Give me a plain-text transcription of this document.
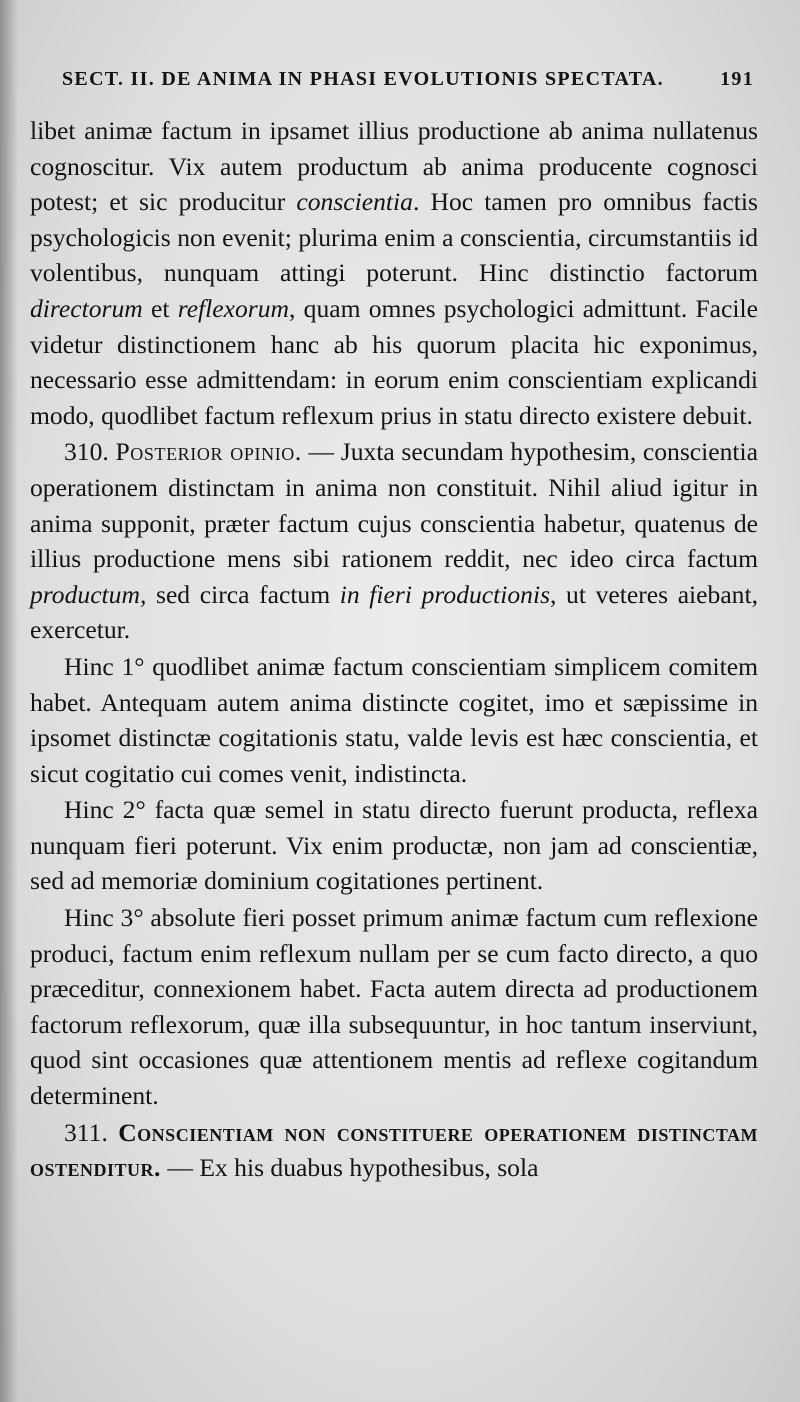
SECT. II. DE ANIMA IN PHASI EVOLUTIONIS SPECTATA.	191

libet animæ factum in ipsamet illius productione ab anima nullatenus cognoscitur. Vix autem productum ab anima producente cognosci potest; et sic producitur conscientia. Hoc tamen pro omnibus factis psychologicis non evenit; plurima enim a conscientia, circumstantiis id volentibus, nunquam attingi poterunt. Hinc distinctio factorum directorum et reflexorum, quam omnes psychologici admittunt. Facile videtur distinctionem hanc ab his quorum placita hic exponimus, necessario esse admittendam: in eorum enim conscientiam explicandi modo, quodlibet factum reflexum prius in statu directo existere debuit.

310. Posterior opinio. — Juxta secundam hypothesim, conscientia operationem distinctam in anima non constituit. Nihil aliud igitur in anima supponit, præter factum cujus conscientia habetur, quatenus de illius productione mens sibi rationem reddit, nec ideo circa factum productum, sed circa factum in fieri productionis, ut veteres aiebant, exercetur.

Hinc 1° quodlibet animæ factum conscientiam simplicem comitem habet. Antequam autem anima distincte cogitet, imo et sæpissime in ipsomet distinctæ cogitationis statu, valde levis est hæc conscientia, et sicut cogitatio cui comes venit, indistincta.

Hinc 2° facta quæ semel in statu directo fuerunt producta, reflexa nunquam fieri poterunt. Vix enim productæ, non jam ad conscientiæ, sed ad memoriæ dominium cogitationes pertinent.

Hinc 3° absolute fieri posset primum animæ factum cum reflexione produci, factum enim reflexum nullam per se cum facto directo, a quo præceditur, connexionem habet. Facta autem directa ad productionem factorum reflexorum, quæ illa subsequuntur, in hoc tantum inserviunt, quod sint occasiones quæ attentionem mentis ad reflexe cogitandum determinent.

311. Conscientiam non constituere operationem distinctam ostenditur. — Ex his duabus hypothesibus, sola
